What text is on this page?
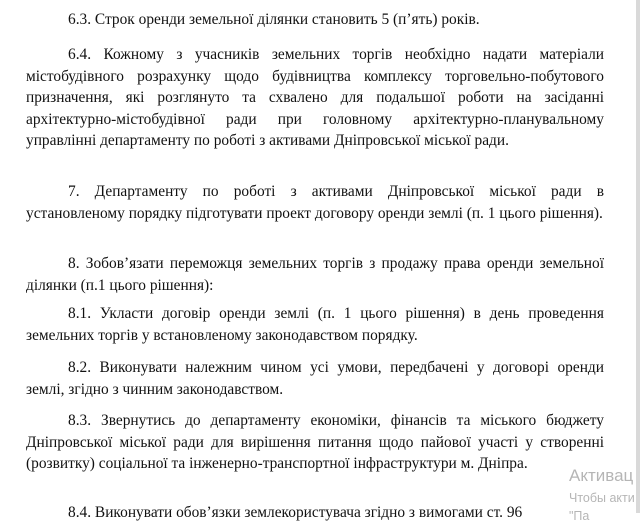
6.3. Строк оренди земельної ділянки становить 5 (п’ять) років.

6.4. Кожному з учасників земельних торгів необхідно надати матеріали містобудівного розрахунку щодо будівництва комплексу торговельно-побутового призначення, які розглянуто та схвалено для подальшої роботи на засіданні архітектурно-містобудівної ради при головному архітектурно-планувальному управлінні департаменту по роботі з активами Дніпровської міської ради.

7. Департаменту по роботі з активами Дніпровської міської ради в установленому порядку підготувати проект договору оренди землі (п. 1 цього рішення).

8. Зобов’язати переможця земельних торгів з продажу права оренди земельної ділянки (п.1 цього рішення):

8.1. Укласти договір оренди землі (п. 1 цього рішення) в день проведення земельних торгів у встановленому законодавством порядку.

8.2. Виконувати належним чином усі умови, передбачені у договорі оренди землі, згідно з чинним законодавством.

8.3. Звернутись до департаменту економіки, фінансів та міського бюджету Дніпровської міської ради для вирішення питання щодо пайової участі у створенні (розвитку) соціальної та інженерно-транспортної інфраструктури м. Дніпра.

8.4. Виконувати обов’язки землекористувача згідно з вимогами ст. 96

Активац
Чтобы акти
"Па
